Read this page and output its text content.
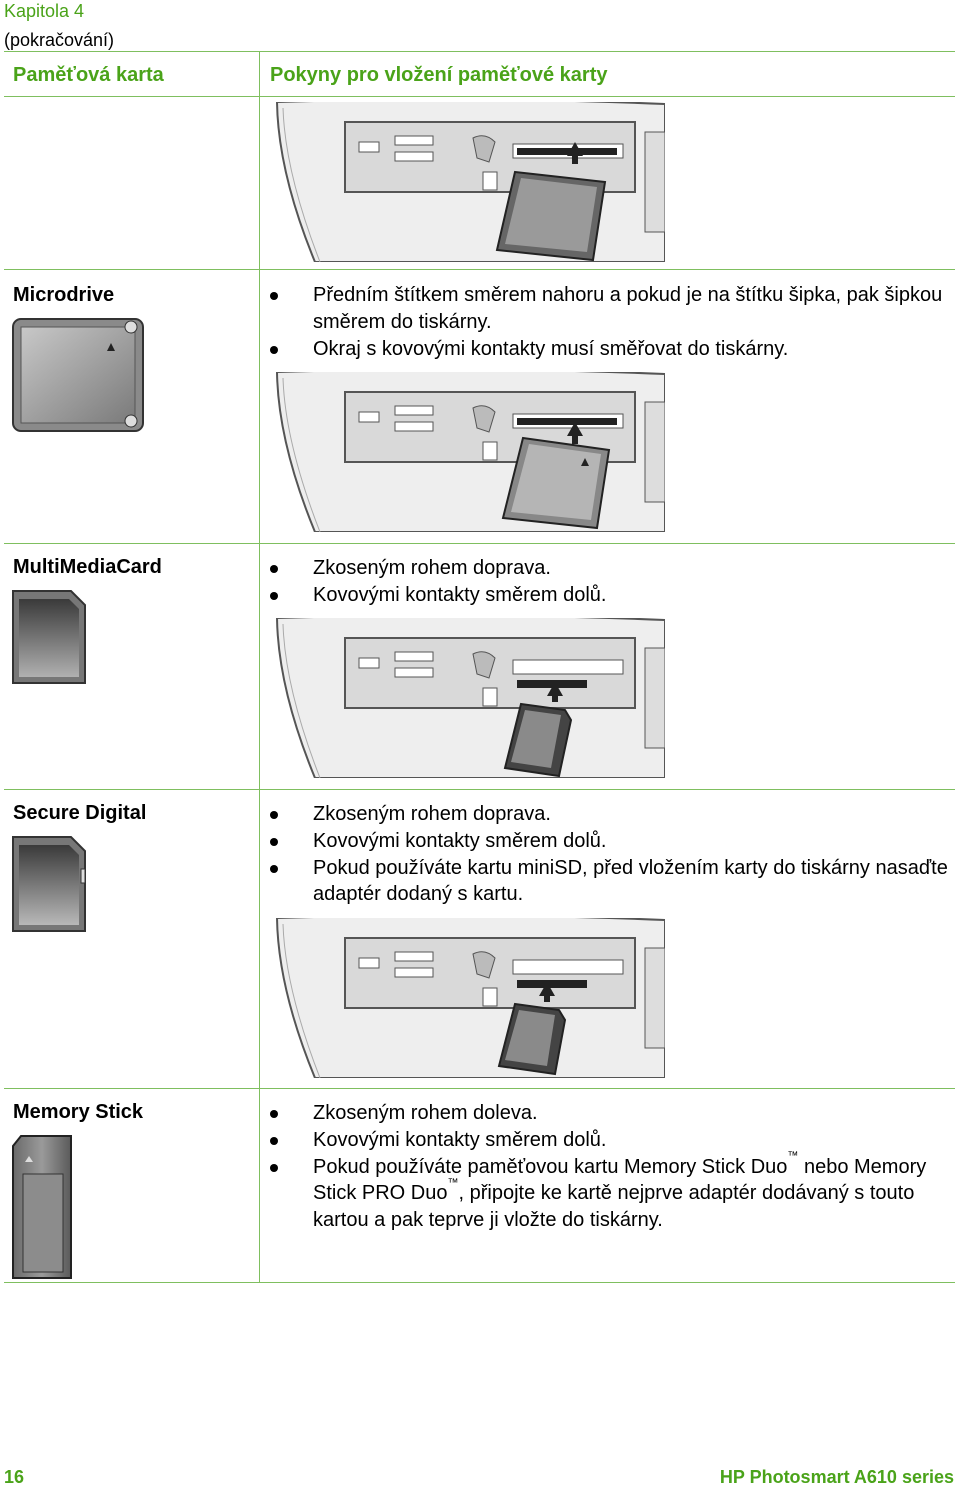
Kapitola 4
(pokračování)
Paměťová karta	Pokyny pro vložení paměťové karty
Microdrive	Předním štítkem směrem nahoru a pokud je na štítku šipka, pak šipkou směrem do tiskárny.
Okraj s kovovými kontakty musí směřovat do tiskárny.
MultiMediaCard	Zkoseným rohem doprava.
Kovovými kontakty směrem dolů.
Secure Digital	Zkoseným rohem doprava.
Kovovými kontakty směrem dolů.
Pokud používáte kartu miniSD, před vložením karty do tiskárny nasaďte adaptér dodaný s kartu.
Memory Stick	Zkoseným rohem doleva.
Kovovými kontakty směrem dolů.
Pokud používáte paměťovou kartu Memory Stick Duo™ nebo Memory Stick PRO Duo™, připojte ke kartě nejprve adaptér dodávaný s touto kartou a pak teprve ji vložte do tiskárny.
16	HP Photosmart A610 series
